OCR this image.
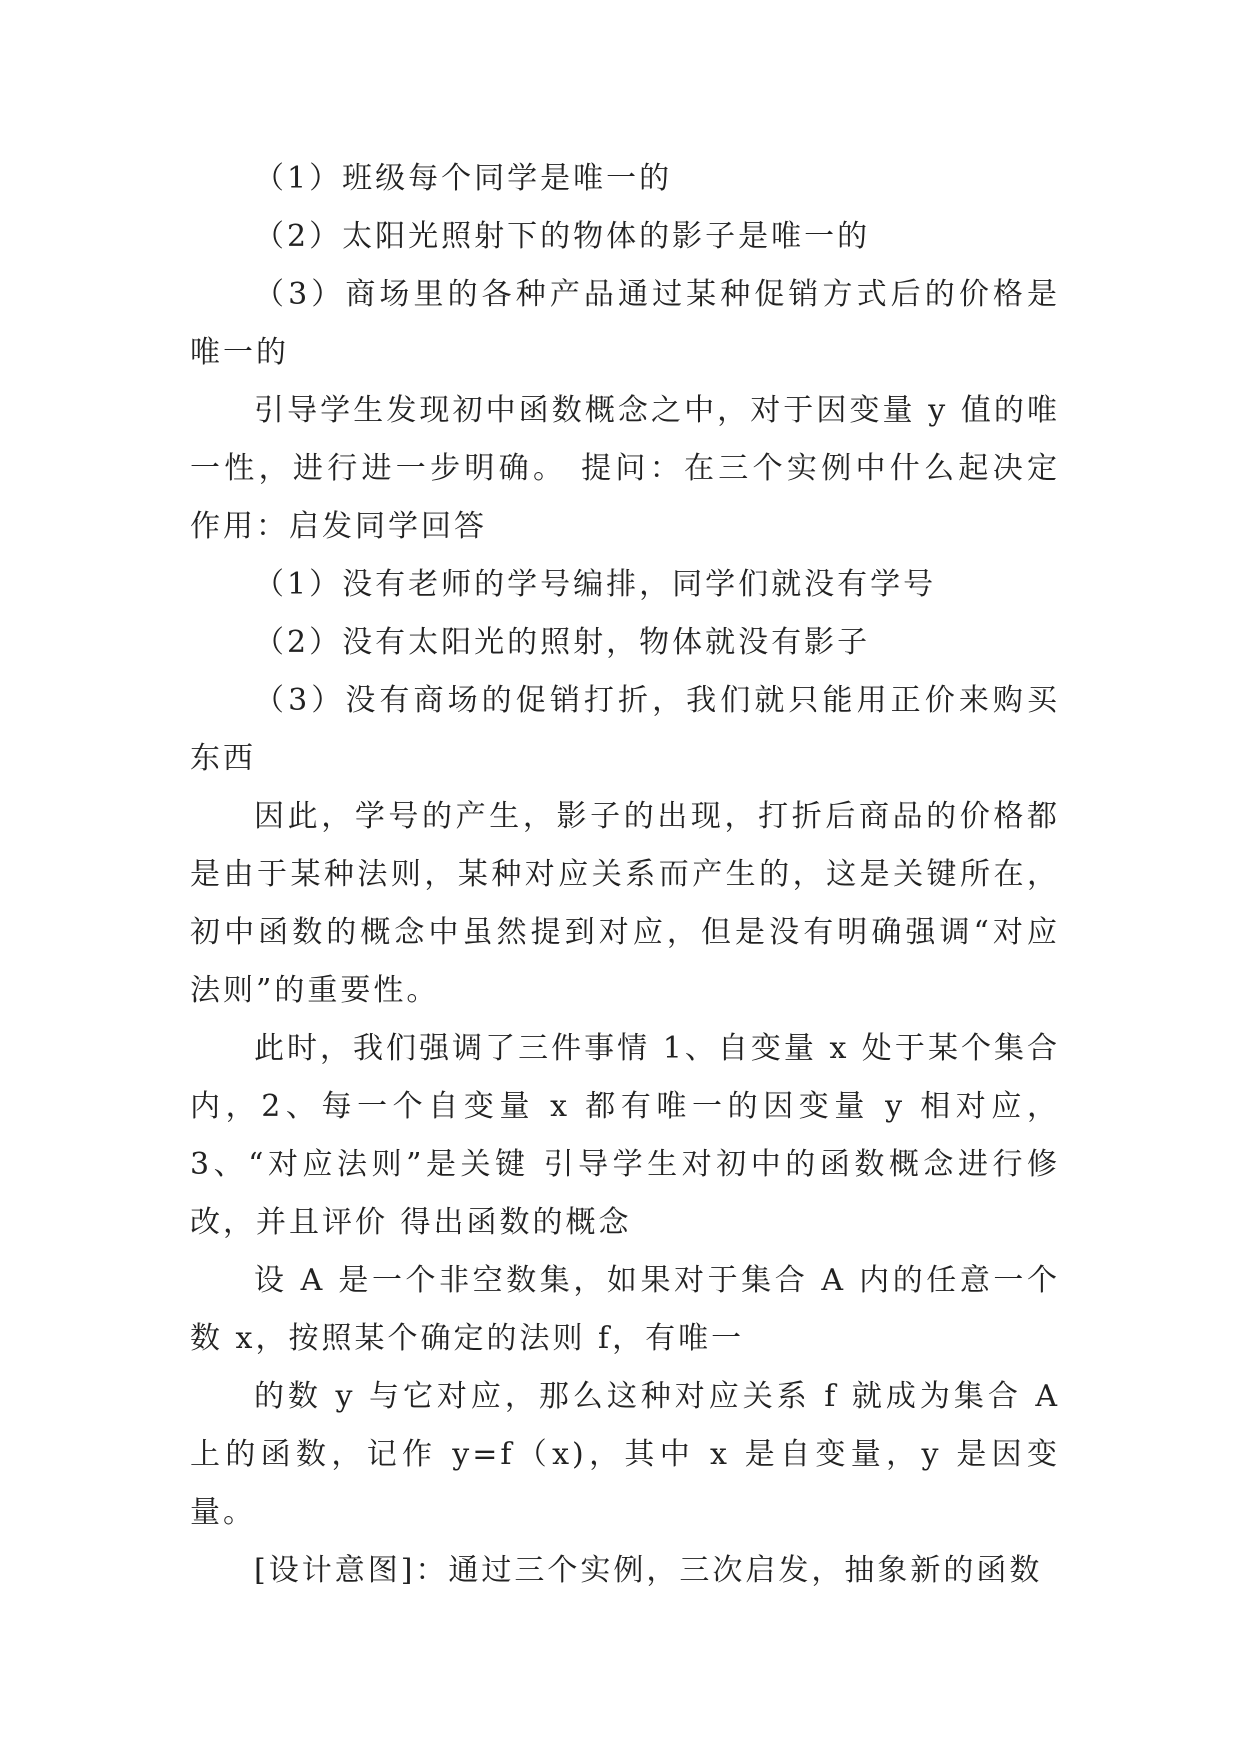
（1）班级每个同学是唯一的

（2）太阳光照射下的物体的影子是唯一的

（3）商场里的各种产品通过某种促销方式后的价格是唯一的

引导学生发现初中函数概念之中，对于因变量 y 值的唯一性，进行进一步明确。 提问：在三个实例中什么起决定作用：启发同学回答

（1）没有老师的学号编排，同学们就没有学号

（2）没有太阳光的照射，物体就没有影子

（3）没有商场的促销打折，我们就只能用正价来购买东西

因此，学号的产生，影子的出现，打折后商品的价格都是由于某种法则，某种对应关系而产生的，这是关键所在，初中函数的概念中虽然提到对应，但是没有明确强调“对应法则”的重要性。

此时，我们强调了三件事情 1、自变量 x 处于某个集合内，2、每一个自变量 x 都有唯一的因变量 y 相对应，3、“对应法则”是关键 引导学生对初中的函数概念进行修改，并且评价 得出函数的概念

设 A 是一个非空数集，如果对于集合 A 内的任意一个数 x，按照某个确定的法则 f，有唯一

的数 y 与它对应，那么这种对应关系 f 就成为集合 A 上的函数，记作 y=f（x)，其中 x 是自变量，y 是因变量。

[设计意图]：通过三个实例，三次启发，抽象新的函数
